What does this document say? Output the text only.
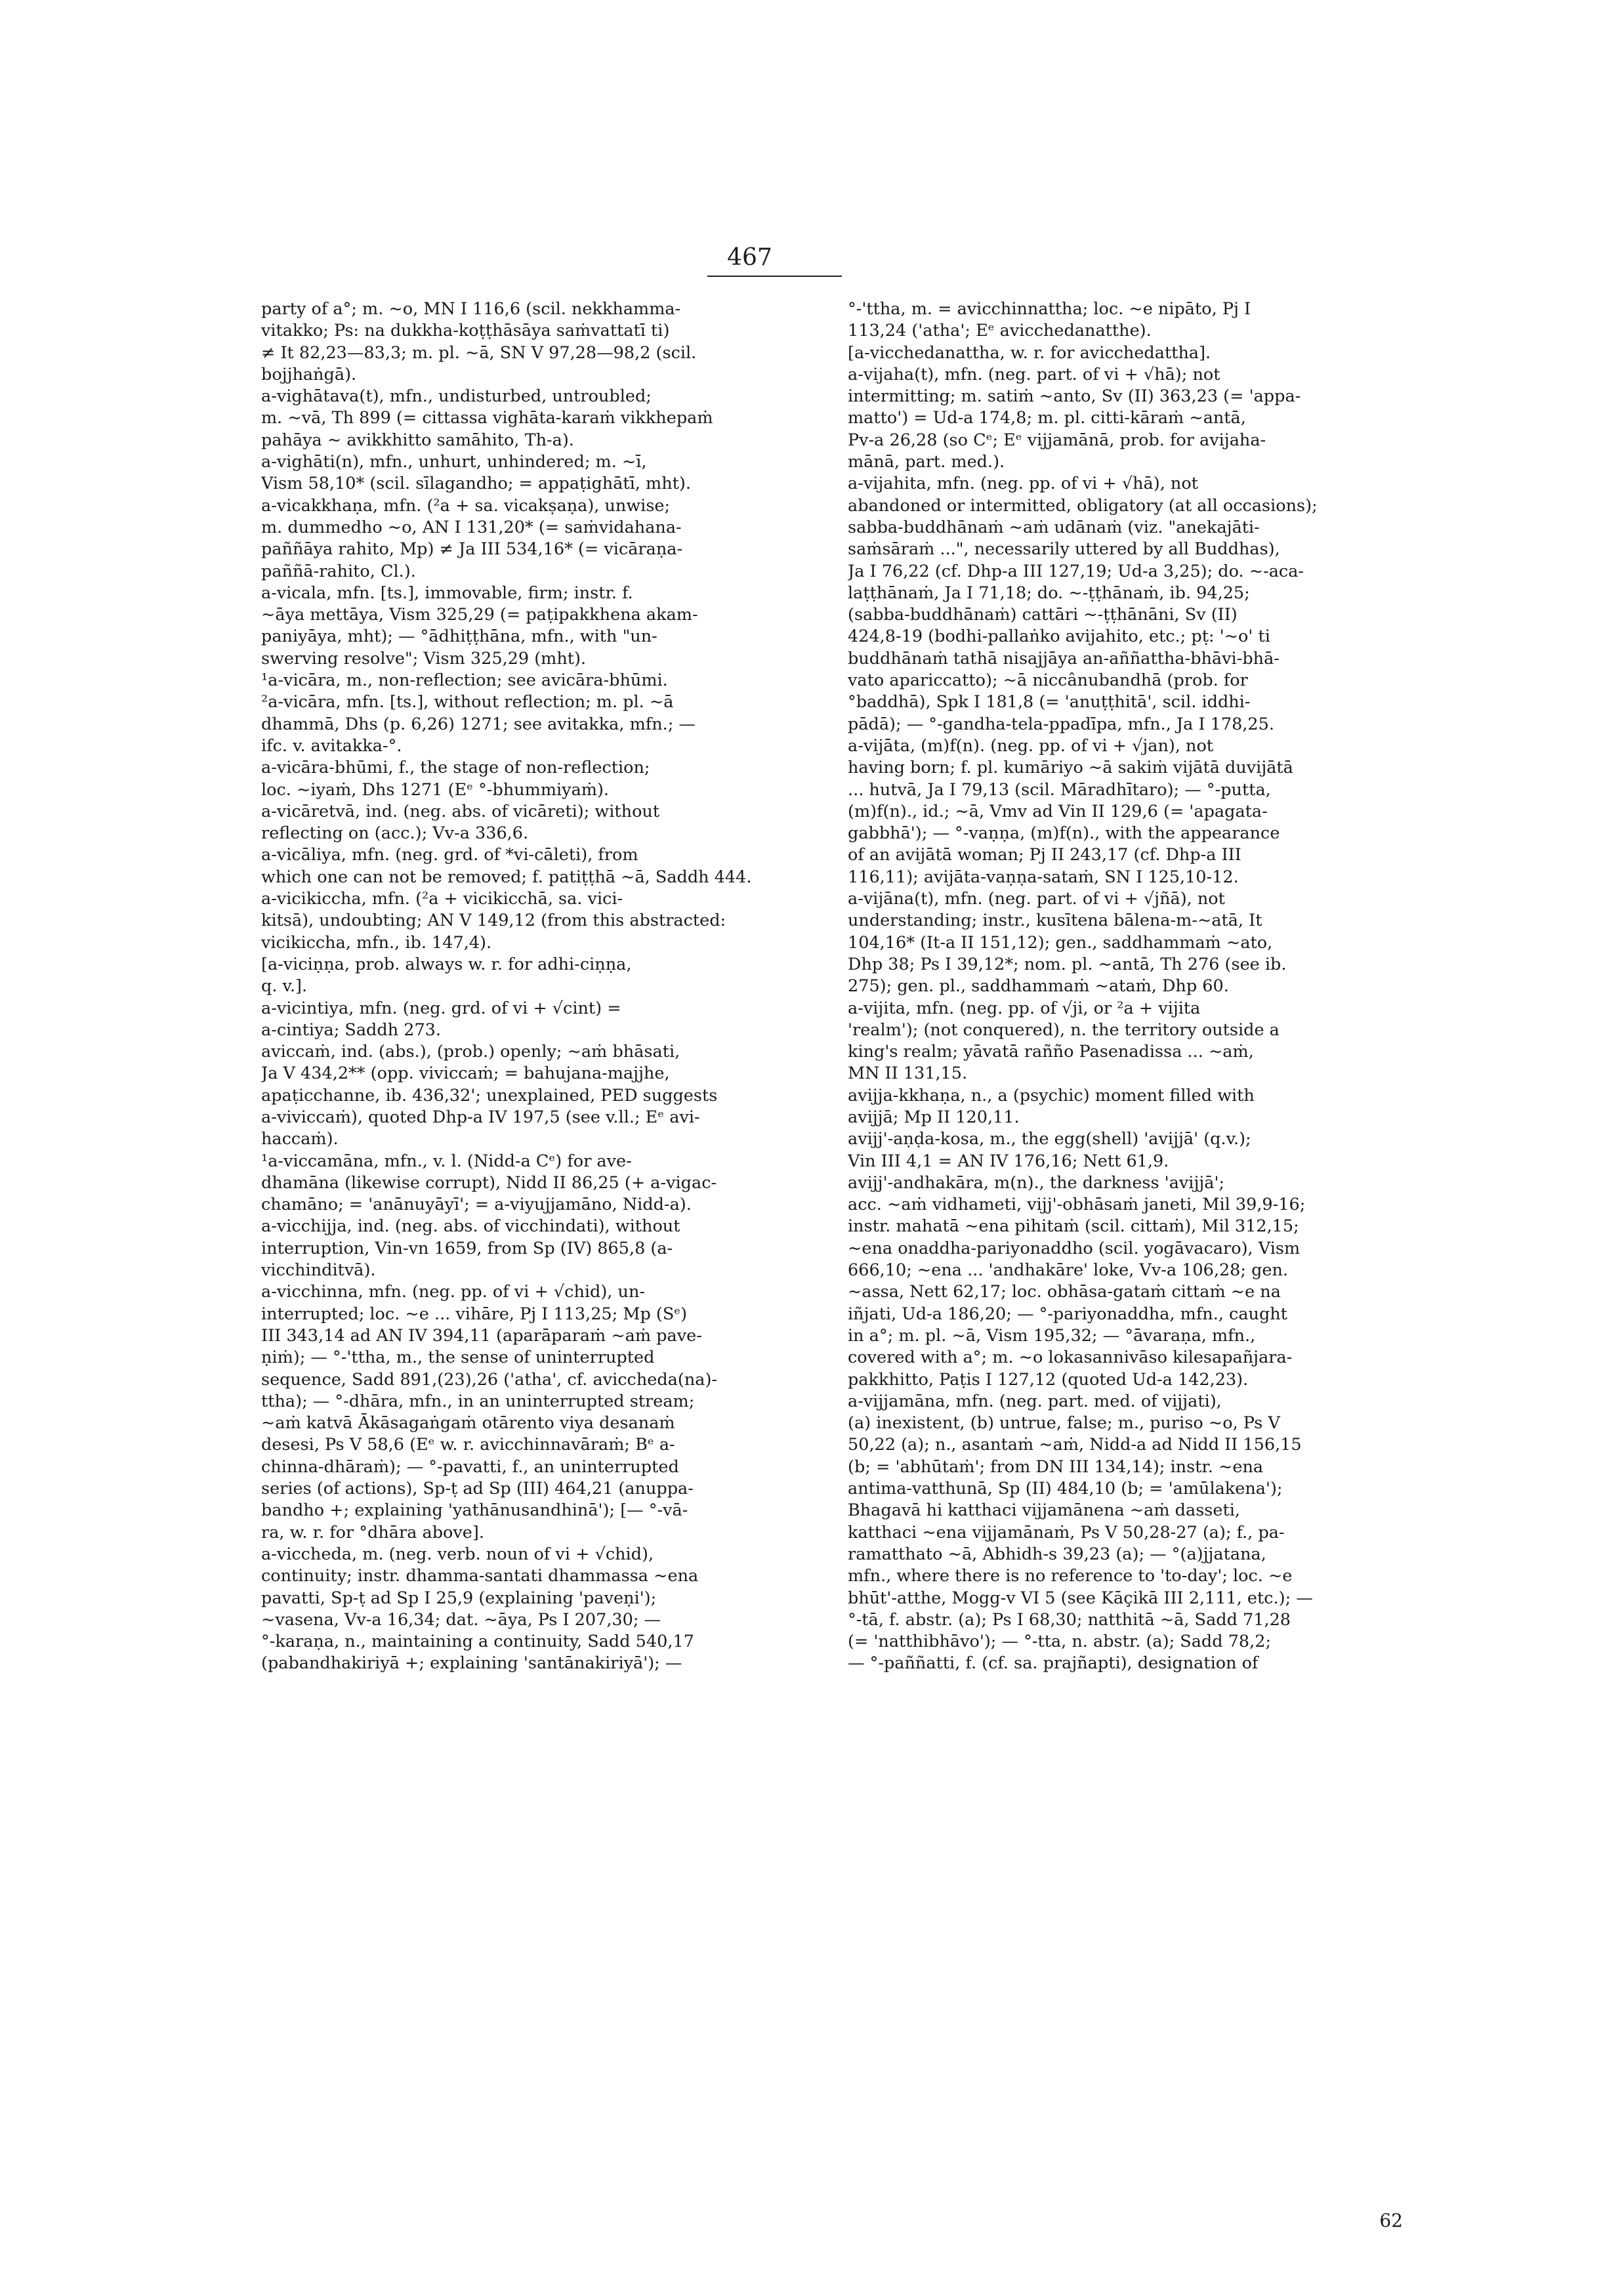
467
party of a°; m. ~o, MN I 116,6 (scil. nekkhamma-
vitakko; Ps: na dukkha-koṭṭhāsāya saṁvattatī ti)
≠ It 82,23—83,3; m. pl. ~ā, SN V 97,28—98,2 (scil.
bojjhaṅgā).
a-vighātava(t), mfn., undisturbed, untroubled;
m. ~vā, Th 899 (= cittassa vighāta-karaṁ vikkhepaṁ
pahāya ~ avikkhitto samāhito, Th-a).
a-vighāti(n), mfn., unhurt, unhindered; m. ~ī,
Vism 58,10* (scil. sīlagandho; = appaṭighātī, mht).
a-vicakkhaṇa, mfn. (²a + sa. vicakṣaṇa), unwise;
m. dummedho ~o, AN I 131,20* (= saṁvidahana-
paññāya rahito, Mp) ≠ Ja III 534,16* (= vicāraṇa-
paññā-rahito, Cl.).
a-vicala, mfn. [ts.], immovable, firm; instr. f.
~āya mettāya, Vism 325,29 (= paṭipakkhena akam-
paniyāya, mht); — °ādhiṭṭhāna, mfn., with "un-
swerving resolve"; Vism 325,29 (mht).
¹a-vicāra, m., non-reflection; see avicāra-bhūmi.
²a-vicāra, mfn. [ts.], without reflection; m. pl. ~ā
dhammā, Dhs (p. 6,26) 1271; see avitakka, mfn.; —
ifc. v. avitakka-°.
a-vicāra-bhūmi, f., the stage of non-reflection;
loc. ~iyaṁ, Dhs 1271 (Eᵉ °-bhummiyaṁ).
a-vicāretvā, ind. (neg. abs. of vicāreti); without
reflecting on (acc.); Vv-a 336,6.
a-vicāliya, mfn. (neg. grd. of *vi-cāleti), from
which one can not be removed; f. patiṭṭhā ~ā, Saddh 444.
a-vicikiccha, mfn. (²a + vicikicchā, sa. vici-
kitsā), undoubting; AN V 149,12 (from this abstracted:
vicikiccha, mfn., ib. 147,4).
[a-viciṇṇa, prob. always w. r. for adhi-ciṇṇa,
q. v.].
a-vicintiya, mfn. (neg. grd. of vi + √cint) =
a-cintiya; Saddh 273.
aviccaṁ, ind. (abs.), (prob.) openly; ~aṁ bhāsati,
Ja V 434,2** (opp. viviccaṁ; = bahujana-majjhe,
apaṭicchanne, ib. 436,32'; unexplained, PED suggests
a-viviccaṁ), quoted Dhp-a IV 197,5 (see v.ll.; Eᵉ avi-
haccaṁ).
¹a-viccamāna, mfn., v. l. (Nidd-a Cᵉ) for ave-
dhamāna (likewise corrupt), Nidd II 86,25 (+ a-vigac-
chamāno; = 'anānuyāyī'; = a-viyujjamāno, Nidd-a).
a-vicchijja, ind. (neg. abs. of vicchindati), without
interruption, Vin-vn 1659, from Sp (IV) 865,8 (a-
vicchinditvā).
a-vicchinna, mfn. (neg. pp. of vi + √chid), un-
interrupted; loc. ~e ... vihāre, Pj I 113,25; Mp (Sᵉ)
III 343,14 ad AN IV 394,11 (aparāparaṁ ~aṁ pave-
ṇiṁ); — °-'ttha, m., the sense of uninterrupted
sequence, Sadd 891,(23),26 ('atha', cf. avicchedа(na)-
ttha); — °-dhāra, mfn., in an uninterrupted stream;
~aṁ katvā Ākāsagaṅgaṁ otārento viya desanaṁ
desesi, Ps V 58,6 (Eᵉ w. r. avicchinnavāraṁ; Bᵉ a-
chinna-dhāraṁ); — °-pavatti, f., an uninterrupted
series (of actions), Sp-ṭ ad Sp (III) 464,21 (anuppa-
bandho +; explaining 'yathānusandhinā'); [— °-vā-
ra, w. r. for °dhāra above].
a-viccheda, m. (neg. verb. noun of vi + √chid),
continuity; instr. dhamma-santati dhammassa ~ena
pavatti, Sp-ṭ ad Sp I 25,9 (explaining 'paveṇi');
~vasena, Vv-a 16,34; dat. ~āya, Ps I 207,30; —
°-karaṇa, n., maintaining a continuity, Sadd 540,17
(pabandhakiriyā +; explaining 'santānakiriyā'); —
°-'ttha, m. = avicchinnattha; loc. ~e nipāto, Pj I
113,24 ('atha'; Eᵉ avicchedanatthe).
[a-vicchedanattha, w. r. for avicchedattha].
a-vijaha(t), mfn. (neg. part. of vi + √hā); not
intermitting; m. satiṁ ~anto, Sv (II) 363,23 (= 'appa-
matto') = Ud-a 174,8; m. pl. citti-kāraṁ ~antā,
Pv-a 26,28 (so Cᵉ; Eᵉ vijjamānā, prob. for avijaha-
mānā, part. med.).
a-vijahita, mfn. (neg. pp. of vi + √hā), not
abandoned or intermitted, obligatory (at all occasions);
sabba-buddhānaṁ ~aṁ udānaṁ (viz. "anekajāti-
saṁsāraṁ ...", necessarily uttered by all Buddhas),
Ja I 76,22 (cf. Dhp-a III 127,19; Ud-a 3,25); do. ~-aca-
laṭṭhānaṁ, Ja I 71,18; do. ~-ṭṭhānaṁ, ib. 94,25;
(sabba-buddhānaṁ) cattāri ~-ṭṭhānāni, Sv (II)
424,8-19 (bodhi-pallaṅko avijahito, etc.; pṭ: '~o' ti
buddhānaṁ tathā nisajjāya an-aññattha-bhāvi-bhā-
vato apariccatto); ~ā niccânubandhā (prob. for
°baddhā), Spk I 181,8 (= 'anuṭṭhitā', scil. iddhi-
pādā); — °-gandha-tela-ppadīpa, mfn., Ja I 178,25.
a-vijāta, (m)f(n). (neg. pp. of vi + √jan), not
having born; f. pl. kumāriyo ~ā sakiṁ vijātā duvijātā
... hutvā, Ja I 79,13 (scil. Māradhītaro); — °-putta,
(m)f(n)., id.; ~ā, Vmv ad Vin II 129,6 (= 'apagata-
gabbhā'); — °-vaṇṇa, (m)f(n)., with the appearance
of an avijātā woman; Pj II 243,17 (cf. Dhp-a III
116,11); avijāta-vaṇṇa-sataṁ, SN I 125,10-12.
a-vijāna(t), mfn. (neg. part. of vi + √jñā), not
understanding; instr., kusītena bālena-m-~atā, It
104,16* (It-a II 151,12); gen., saddhammaṁ ~ato,
Dhp 38; Ps I 39,12*; nom. pl. ~antā, Th 276 (see ib.
275); gen. pl., saddhammaṁ ~ataṁ, Dhp 60.
a-vijita, mfn. (neg. pp. of √ji, or ²a + vijita
'realm'); (not conquered), n. the territory outside a
king's realm; yāvatā rañño Pasenadissa ... ~aṁ,
MN II 131,15.
avijja-kkhaṇa, n., a (psychic) moment filled with
avijjā; Mp II 120,11.
avijj'-aṇḍa-kosa, m., the egg(shell) 'avijjā' (q.v.);
Vin III 4,1 = AN IV 176,16; Nett 61,9.
avijj'-andhakāra, m(n)., the darkness 'avijjā';
acc. ~aṁ vidhameti, vijj'-obhāsaṁ janeti, Mil 39,9-16;
instr. mahatā ~ena pihitaṁ (scil. cittaṁ), Mil 312,15;
~ena onaddha-pariyonaddho (scil. yogāvacaro), Vism
666,10; ~ena ... 'andhakāre' loke, Vv-a 106,28; gen.
~assa, Nett 62,17; loc. obhāsa-gataṁ cittaṁ ~e na
iñjati, Ud-a 186,20; — °-pariyonaddha, mfn., caught
in a°; m. pl. ~ā, Vism 195,32; — °āvaraṇa, mfn.,
covered with a°; m. ~o lokasannivāso kilesapañjara-
pakkhitto, Paṭis I 127,12 (quoted Ud-a 142,23).
a-vijjamāna, mfn. (neg. part. med. of vijjati),
(a) inexistent, (b) untrue, false; m., puriso ~o, Ps V
50,22 (a); n., asantaṁ ~aṁ, Nidd-a ad Nidd II 156,15
(b; = 'abhūtaṁ'; from DN III 134,14); instr. ~ena
antima-vatthunā, Sp (II) 484,10 (b; = 'amūlakena');
Bhagavā hi katthaci vijjamānena ~aṁ dasseti,
katthaci ~ena vijjamānaṁ, Ps V 50,28-27 (a); f., pa-
ramatthato ~ā, Abhidh-s 39,23 (a); — °(a)jjatana,
mfn., where there is no reference to 'to-day'; loc. ~e
bhūt'-atthe, Mogg-v VI 5 (see Kāçikā III 2,111, etc.); —
°-tā, f. abstr. (a); Ps I 68,30; natthitā ~ā, Sadd 71,28
(= 'natthibhāvo'); — °-tta, n. abstr. (a); Sadd 78,2;
— °-paññatti, f. (cf. sa. prajñapti), designation of
62
